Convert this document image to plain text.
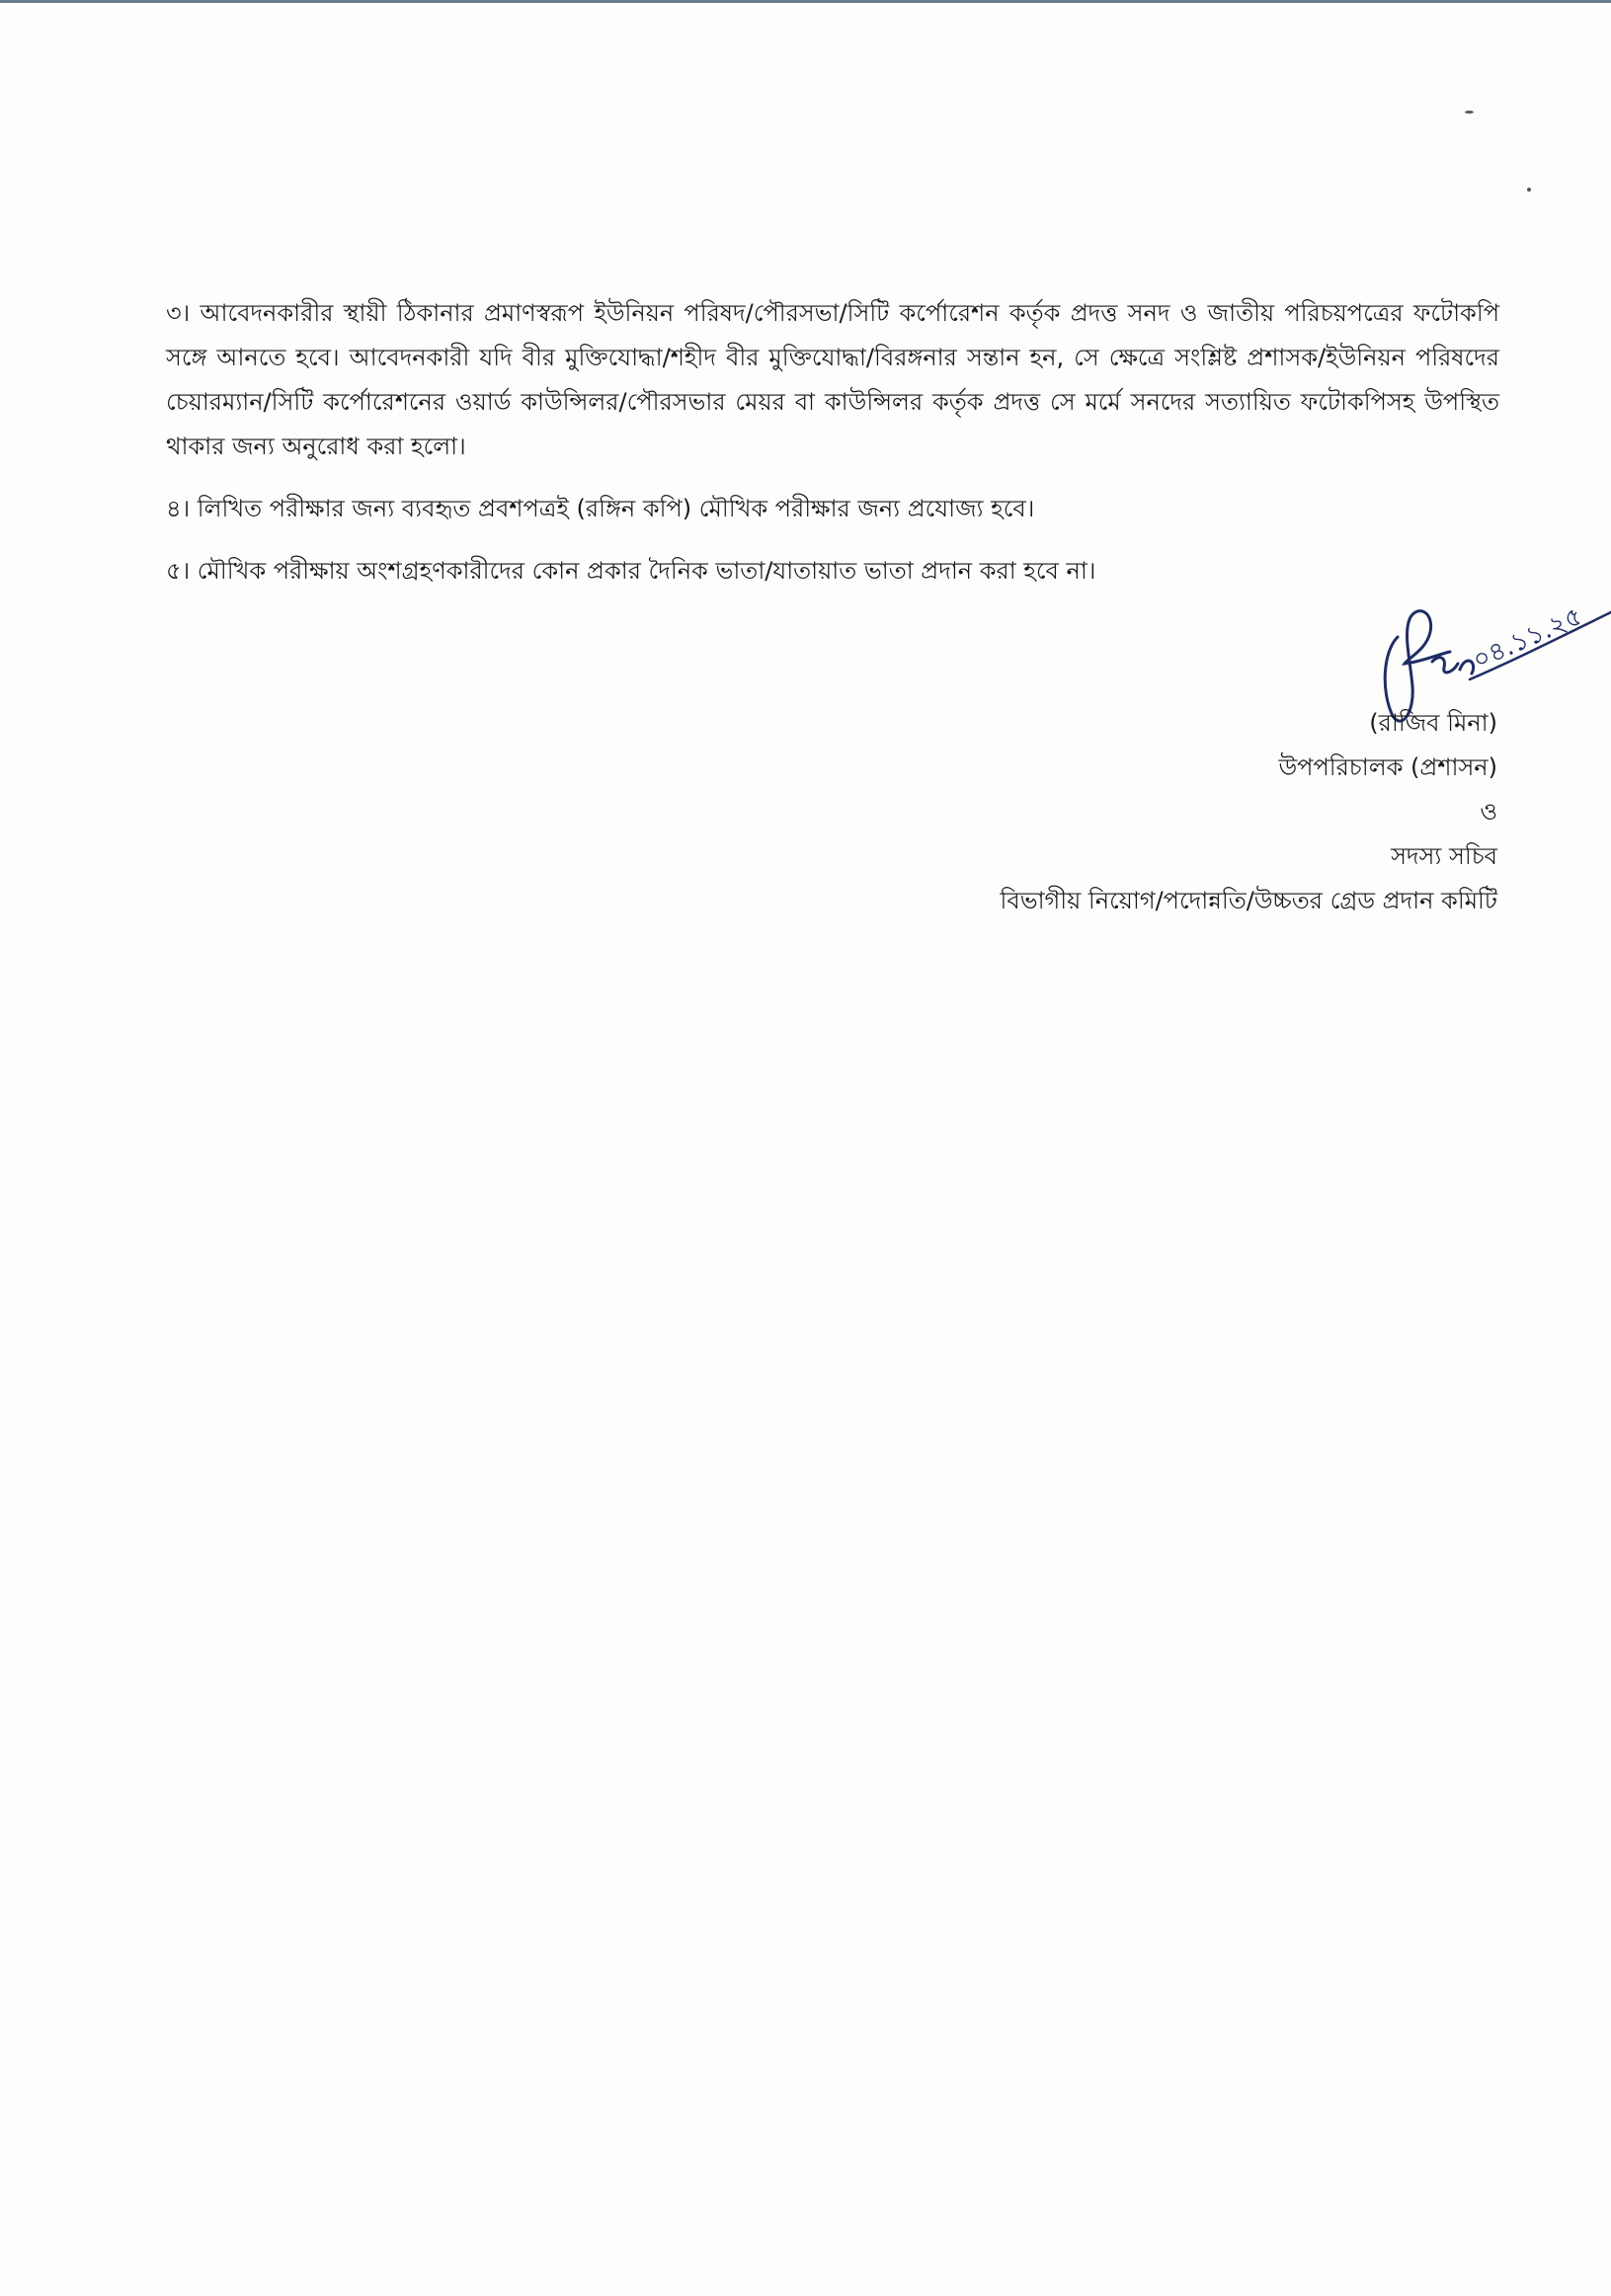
৩। আবেদনকারীর স্থায়ী ঠিকানার প্রমাণস্বরূপ ইউনিয়ন পরিষদ/পৌরসভা/সিটি কর্পোরেশন কর্তৃক প্রদত্ত সনদ ও জাতীয় পরিচয়পত্রের ফটোকপি সঙ্গে আনতে হবে। আবেদনকারী যদি বীর মুক্তিযোদ্ধা/শহীদ বীর মুক্তিযোদ্ধা/বিরঙ্গনার সন্তান হন, সে ক্ষেত্রে সংশ্লিষ্ট প্রশাসক/ইউনিয়ন পরিষদের চেয়ারম্যান/সিটি কর্পোরেশনের ওয়ার্ড কাউন্সিলর/পৌরসভার মেয়র বা কাউন্সিলর কর্তৃক প্রদত্ত সে মর্মে সনদের সত্যায়িত ফটোকপিসহ উপস্থিত থাকার জন্য অনুরোধ করা হলো।

৪। লিখিত পরীক্ষার জন্য ব্যবহৃত প্রবশপত্রই (রঙ্গিন কপি) মৌখিক পরীক্ষার জন্য প্রযোজ্য হবে।

৫। মৌখিক পরীক্ষায় অংশগ্রহণকারীদের কোন প্রকার দৈনিক ভাতা/যাতায়াত ভাতা প্রদান করা হবে না।

০৪.১১.২৫
(রাজিব মিনা)
উপপরিচালক (প্রশাসন)
ও
সদস্য সচিব
বিভাগীয় নিয়োগ/পদোন্নতি/উচ্চতর গ্রেড প্রদান কমিটি
